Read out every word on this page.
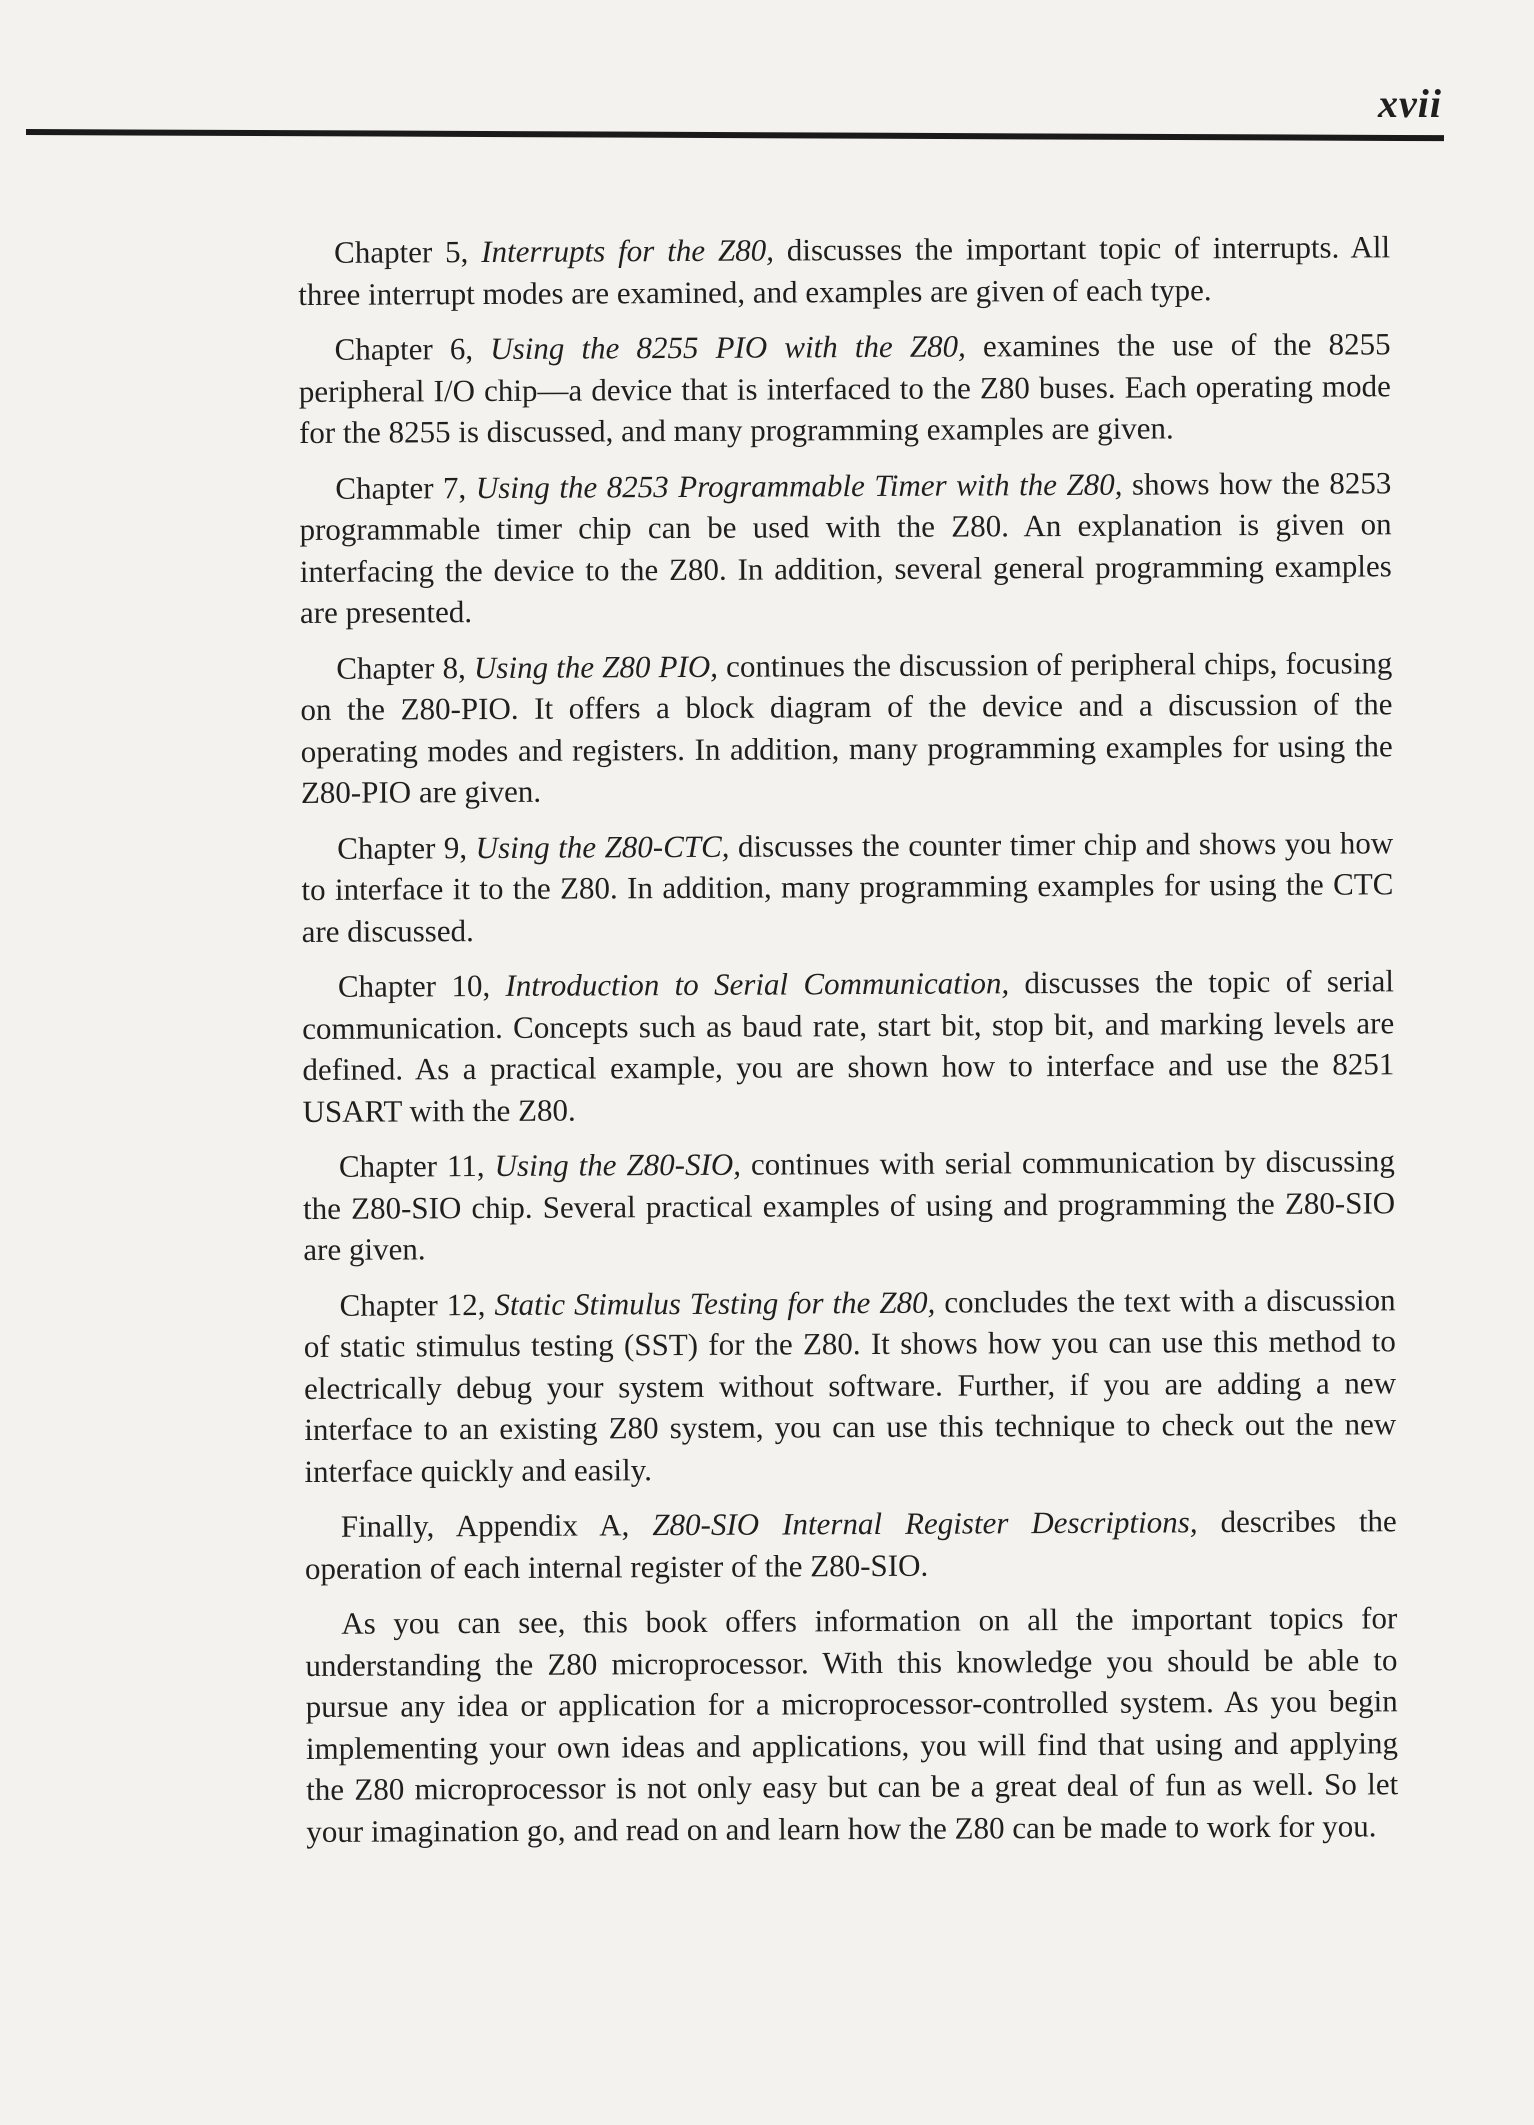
xvii

Chapter 5, Interrupts for the Z80, discusses the important topic of interrupts. All three interrupt modes are examined, and examples are given of each type.

Chapter 6, Using the 8255 PIO with the Z80, examines the use of the 8255 peripheral I/O chip—a device that is interfaced to the Z80 buses. Each operating mode for the 8255 is discussed, and many programming examples are given.

Chapter 7, Using the 8253 Programmable Timer with the Z80, shows how the 8253 programmable timer chip can be used with the Z80. An explanation is given on interfacing the device to the Z80. In addition, several general programming examples are presented.

Chapter 8, Using the Z80 PIO, continues the discussion of peripheral chips, focusing on the Z80-PIO. It offers a block diagram of the device and a discussion of the operating modes and registers. In addition, many programming examples for using the Z80-PIO are given.

Chapter 9, Using the Z80-CTC, discusses the counter timer chip and shows you how to interface it to the Z80. In addition, many programming examples for using the CTC are discussed.

Chapter 10, Introduction to Serial Communication, discusses the topic of serial communication. Concepts such as baud rate, start bit, stop bit, and marking levels are defined. As a practical example, you are shown how to interface and use the 8251 USART with the Z80.

Chapter 11, Using the Z80-SIO, continues with serial communication by discussing the Z80-SIO chip. Several practical examples of using and programming the Z80-SIO are given.

Chapter 12, Static Stimulus Testing for the Z80, concludes the text with a discussion of static stimulus testing (SST) for the Z80. It shows how you can use this method to electrically debug your system without software. Further, if you are adding a new interface to an existing Z80 system, you can use this technique to check out the new interface quickly and easily.

Finally, Appendix A, Z80-SIO Internal Register Descriptions, describes the operation of each internal register of the Z80-SIO.

As you can see, this book offers information on all the important topics for understanding the Z80 microprocessor. With this knowledge you should be able to pursue any idea or application for a microprocessor-controlled system. As you begin implementing your own ideas and applications, you will find that using and applying the Z80 microprocessor is not only easy but can be a great deal of fun as well. So let your imagination go, and read on and learn how the Z80 can be made to work for you.
